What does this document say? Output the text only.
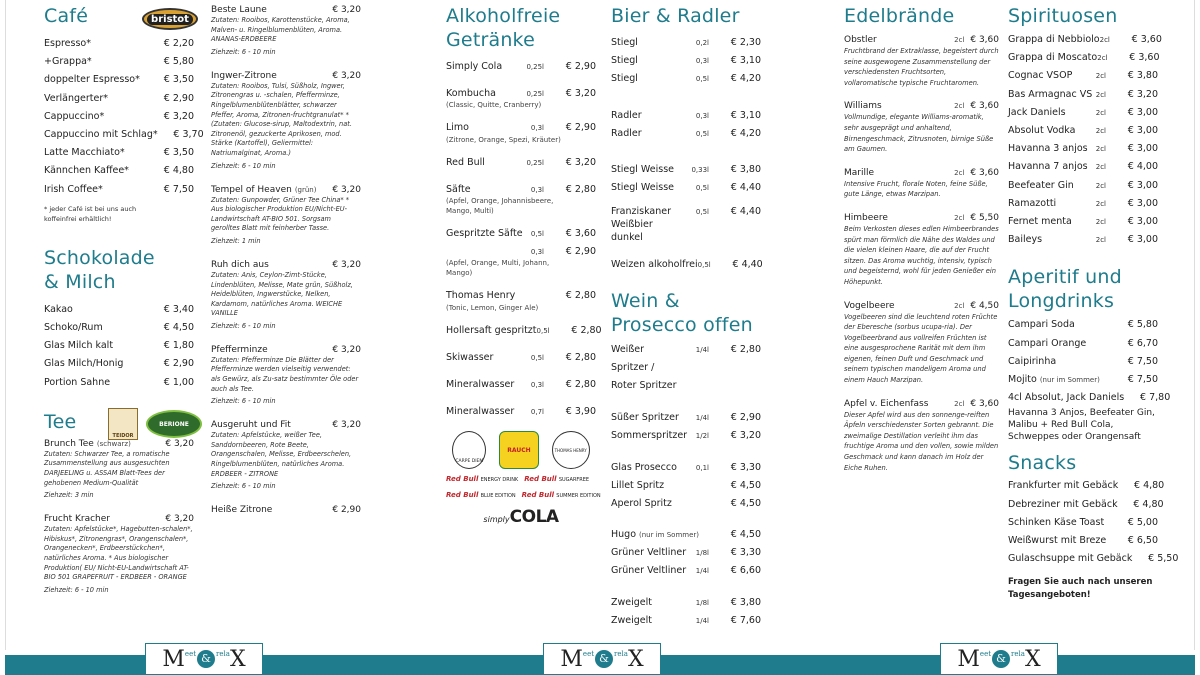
Café	bristot
Espresso*	€ 2,20
+Grappa*	€ 5,80
doppelter Espresso*	€ 3,50
Verlängerter*	€ 2,90
Cappuccino*	€ 3,20
Cappuccino mit Schlag*	€ 3,70
Latte Macchiato*	€ 3,50
Kännchen Kaffee*	€ 4,80
Irish Coffee*	€ 7,50
* jeder Café ist bei uns auch koffeinfrei erhältlich!
Schokolade
& Milch
Kakao	€ 3,40
Schoko/Rum	€ 4,50
Glas Milch kalt	€ 1,80
Glas Milch/Honig	€ 2,90
Portion Sahne	€ 1,00
Tee
TEIDOR
BERIONE
Brunch Tee (schwarz)	€ 3,20
Zutaten: Schwarzer Tee, a romatische Zusammenstellung aus ausgesuchten DARJEELING u. ASSAM Blatt-Tees der gehobenen Medium-Qualität
Ziehzeit: 3 min
Frucht Kracher	€ 3,20
Zutaten: Apfelstücke*, Hagebutten-schalen*, Hibiskus*, Zitronengras*, Orangenschalen*, Orangenecken*, Erdbeerstückchen*, natürliches Aroma. * Aus biologischer Produktion( EU/ Nicht-EU-Landwirtschaft AT-BIO 501 GRAPEFRUIT - ERDBEER - ORANGE
Ziehzeit: 6 - 10 min
Beste Laune	€ 3,20
Zutaten: Rooibos, Karottenstücke, Aroma, Malven- u. Ringelblumenblüten, Aroma. ANANAS-ERDBEERE
Ziehzeit: 6 - 10 min
Ingwer-Zitrone	€ 3,20
Zutaten: Rooibos, Tulsi, Süßholz, Ingwer, Zitronengras u. -schalen, Pfefferminze, Ringelblumenblütenblätter, schwarzer Pfeffer, Aroma, Zitronen-fruchtgranulat* *(Zutaten: Glucose-sirup, Maltodextrin, nat. Zitronenöl, gezuckerte Aprikosen, mod. Stärke (Kartoffel), Geliermittel: Natriumalginat, Aroma.)
Ziehzeit: 6 - 10 min
Tempel of Heaven (grün) € 3,20
Zutaten: Gunpowder, Grüner Tee China* * Aus biologischer Produktion EU/Nicht-EU-Landwirtschaft AT-BIO 501. Sorgsam gerolltes Blatt mit feinherber Tasse.
Ziehzeit: 1 min
Ruh dich aus	€ 3,20
Zutaten: Anis, Ceylon-Zimt-Stücke, Lindenblüten, Melisse, Mate grün, Süßholz, Heidelblüten, Ingwerstücke, Nelken, Kardamom, natürliches Aroma. WEICHE VANILLE
Ziehzeit: 6 - 10 min
Pfefferminze	€ 3,20
Zutaten: Pfefferminze Die Blätter der Pfefferminze werden vielseitig verwendet: als Gewürz, als Zu-satz bestimmter Öle oder auch als Tee.
Ziehzeit: 6 - 10 min
Ausgeruht und Fit	€ 3,20
Zutaten: Apfelstücke, weißer Tee, Sanddornbeeren, Rote Beete, Orangenschalen, Melisse, Erdbeerschelen, Ringelblumenblüten, natürliches Aroma. ERDBEER - ZITRONE
Ziehzeit: 6 - 10 min
Heiße Zitrone	€ 2,90
Alkoholfreie
Getränke
Simply Cola	0,25l	€ 2,90
Kombucha	0,25l	€ 3,20
(Classic, Quitte, Cranberry)
Limo	0,3l	€ 2,90
(Zitrone, Orange, Spezi, Kräuter)
Red Bull	0,25l	€ 3,20
Säfte	0,3l	€ 2,80
(Apfel, Orange, Johannisbeere, Mango, Multi)
Gespritzte Säfte	0,5l	€ 3,60
0,3l	€ 2,90
(Apfel, Orange, Multi, Johann, Mango)
Thomas Henry	€ 2,80
(Tonic, Lemon, Ginger Ale)
Hollersaft gespritzt 0,5l	€ 2,80
Skiwasser	0,5l	€ 2,80
Mineralwasser	0,3l	€ 2,80
Mineralwasser	0,7l	€ 3,90
CARPE DIEM
RAUCH	THOMAS HENRY
Red Bull ENERGY DRINK Red Bull SUGARFREE
Red Bull BLUE EDITION Red Bull SUMMER EDITION
simplyCOLA
Bier & Radler
Stiegl	0,2l	€ 2,30
Stiegl	0,3l	€ 3,10
Stiegl	0,5l	€ 4,20
Radler	0,3l	€ 3,10
Radler	0,5l	€ 4,20
Stiegl Weisse	0,33l	€ 3,80
Stiegl Weisse	0,5l	€ 4,40
Franziskaner Weißbier dunkel
0,5l	€ 4,40
Weizen alkoholfrei 0,5l	€ 4,40
Wein &
Prosecco offen
Weißer Spritzer / Roter Spritzer
1/4l	€ 2,80
Süßer Spritzer	1/4l	€ 2,90
Sommerspritzer	1/2l	€ 3,20
Glas Prosecco	0,1l	€ 3,30
Lillet Spritz	€ 4,50
Aperol Spritz	€ 4,50
Hugo (nur im Sommer)	€ 4,50
Grüner Veltliner	1/8l	€ 3,30
Grüner Veltliner	1/4l	€ 6,60
Zweigelt	1/8l	€ 3,80
Zweigelt	1/4l	€ 7,60
Edelbrände
Obstler	2cl € 3,60
Fruchtbrand der Extraklasse, begeistert durch seine ausgewogene Zusammenstellung der verschiedensten Fruchtsorten, vollaromatische typische Fruchtaromen.
Williams	2cl € 3,60
Vollmundige, elegante Williams-aromatik, sehr ausgeprägt und anhaltend, Birnengeschmack, Zitrusnoten, birnige Süße am Gaumen.
Marille	2cl € 3,60
Intensive Frucht, florale Noten, feine Süße, gute Länge, etwas Marzipan.
Himbeere	2cl € 5,50
Beim Verkosten dieses edlen Himbeerbrandes spürt man förmlich die Nähe des Waldes und die vielen kleinen Haare, die auf der Frucht sitzen. Das Aroma wuchtig, intensiv, typisch und begeisternd, wohl für jeden Genießer ein Höhepunkt.
Vogelbeere	2cl € 4,50
Vogelbeeren sind die leuchtend roten Früchte der Eberesche (sorbus ucupa-ria). Der Vogelbeerbrand aus vollreifen Früchten ist eine ausgesprochene Rarität mit dem ihm eigenen, feinen Duft und Geschmack und seinem typischen mandeligem Aroma und einem Hauch Marzipan.
Apfel v. Eichenfass	2cl € 3,60
Dieser Apfel wird aus den sonnenge-reiften Äpfeln verschiedenster Sorten gebrannt. Die zweimalige Destillation verleiht ihm das fruchtige Aroma und den vollen, sowie milden Geschmack und kann danach im Holz der Eiche Ruhen.
Spirituosen
Grappa di Nebbiolo 2cl	€ 3,60
Grappa di Moscato 2cl	€ 3,60
Cognac VSOP	2cl	€ 3,80
Bas Armagnac VS 2cl	€ 3,20
Jack Daniels	2cl	€ 3,00
Absolut Vodka	2cl	€ 3,00
Havanna 3 anjos	2cl	€ 3,00
Havanna 7 anjos	2cl	€ 4,00
Beefeater Gin	2cl	€ 3,00
Ramazotti	2cl	€ 3,00
Fernet menta	2cl	€ 3,00
Baileys	2cl	€ 3,00
Aperitif und
Longdrinks
Campari Soda	€ 5,80
Campari Orange	€ 6,70
Caipirinha	€ 7,50
Mojito (nur im Sommer)	€ 7,50
4cl Absolut, Jack Daniels	€ 7,80
Havanna 3 Anjos, Beefeater Gin,
Malibu + Red Bull Cola,
Schweppes oder Orangensaft
Snacks
Frankfurter mit Gebäck	€ 4,80
Debreziner mit Gebäck	€ 4,80
Schinken Käse Toast	€ 5,00
Weißwurst mit Breze	€ 6,50
Gulaschsuppe mit Gebäck	€ 5,50
Fragen Sie auch nach unseren
Tagesangeboten!
M eet & rela X	M eet & rela X	M eet & rela X
